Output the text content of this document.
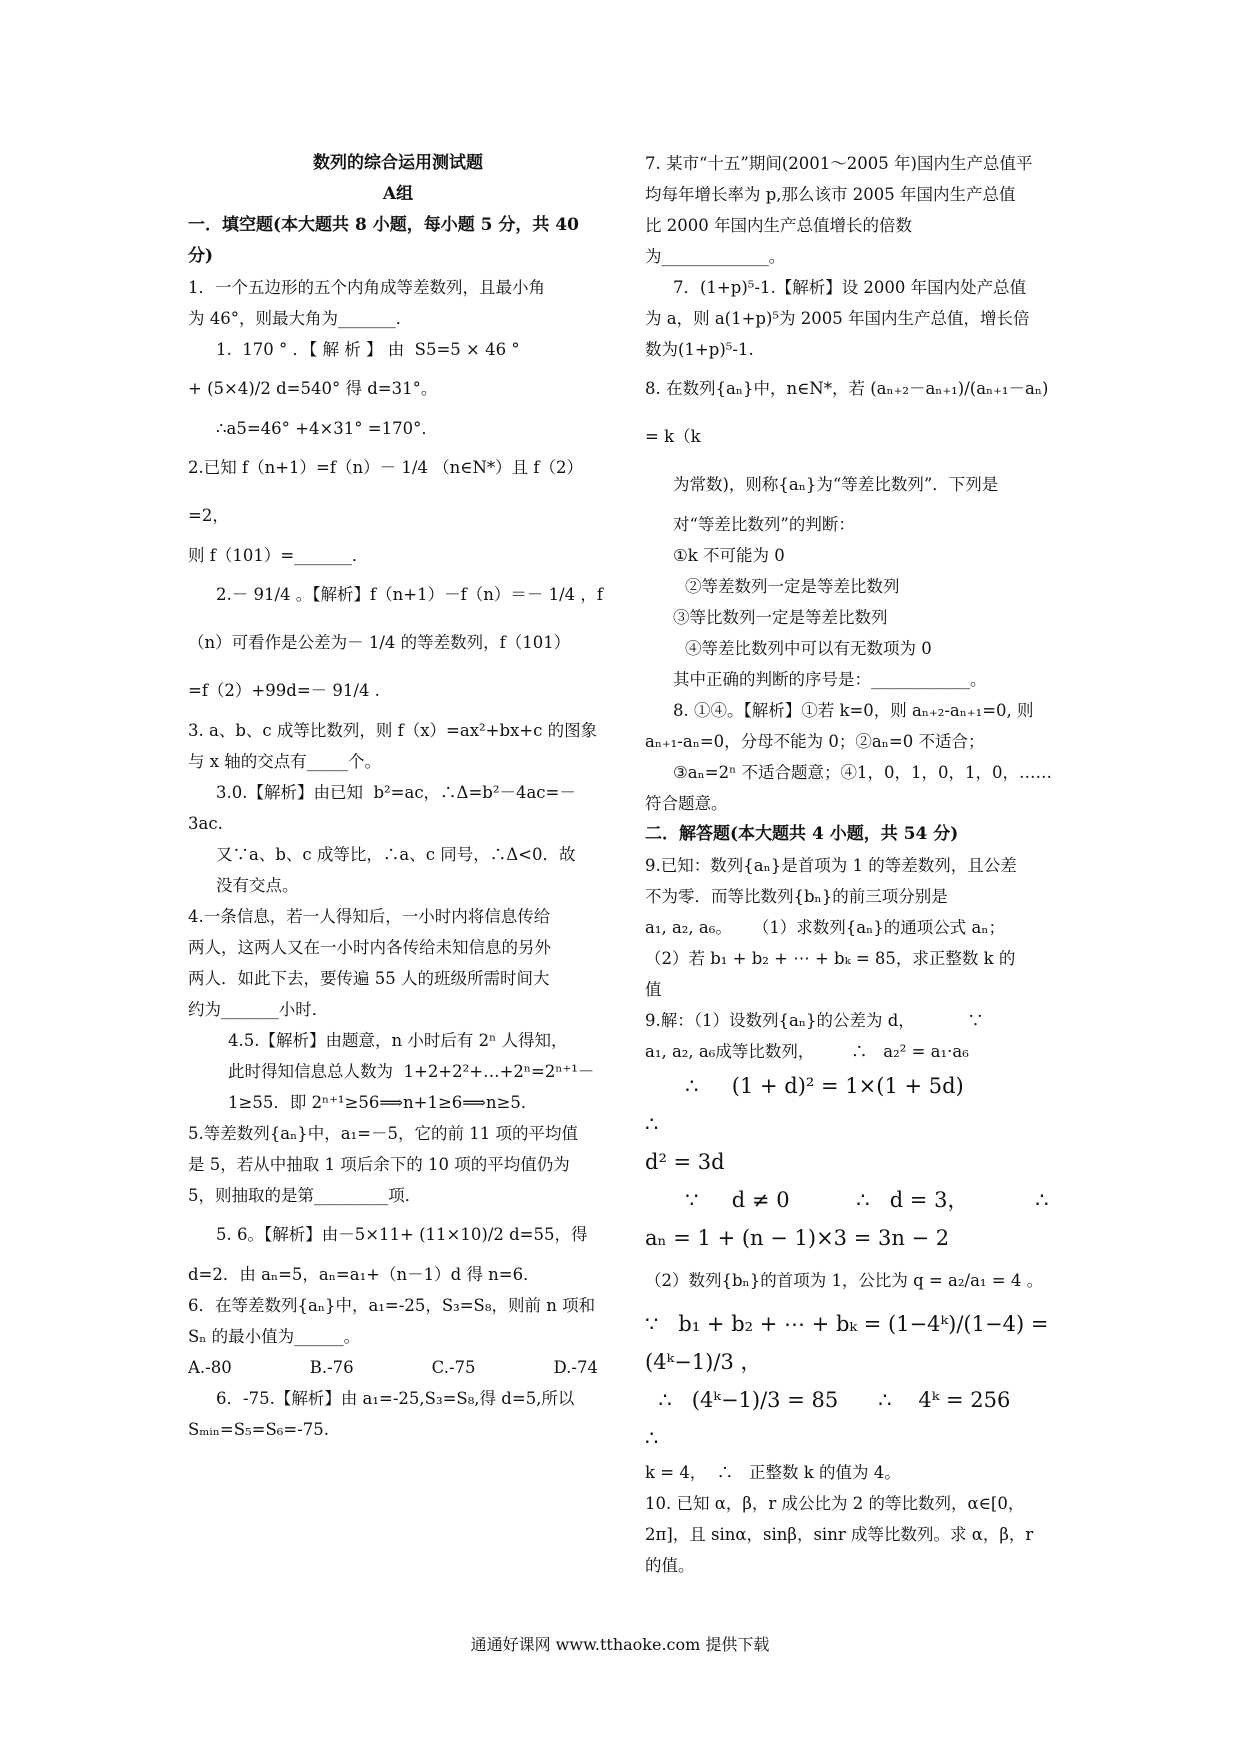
数列的综合运用测试题
A组
一．填空题(本大题共 8 小题，每小题 5 分，共 40
分)
1．一个五边形的五个内角成等差数列，且最小角
为 46°，则最大角为_______．
1.  170 ° ．【 解 析 】 由  S5=5 × 46 °
+ (5×4)/2 d=540° 得 d=31°。
∴a5=46° +4×31° =170°．
2.已知 f（n+1）=f（n）－ 1/4 （n∈N*）且 f（2）=2，
则 f（101）=_______．
2.－ 91/4 。【解析】f（n+1）－f（n）＝－ 1/4 ，f
（n）可看作是公差为－ 1/4 的等差数列，f（101）
=f（2）+99d=－ 91/4 .
3. a、b、c 成等比数列，则 f（x）=ax²+bx+c 的图象
与 x 轴的交点有_____个。
3.0.【解析】由已知  b²=ac，∴Δ=b²－4ac=－
3ac.
又∵a、b、c 成等比，∴a、c 同号，∴Δ<0．故
没有交点。
4.一条信息，若一人得知后，一小时内将信息传给
两人，这两人又在一小时内各传给未知信息的另外
两人．如此下去，要传遍 55 人的班级所需时间大
约为_______小时．
4.5.【解析】由题意，n 小时后有 2ⁿ 人得知，
此时得知信息总人数为  1+2+2²+…+2ⁿ=2ⁿ⁺¹－
1≥55．即 2ⁿ⁺¹≥56⟹n+1≥6⟹n≥5．
5.等差数列{aₙ}中，a₁=－5，它的前 11 项的平均值
是 5，若从中抽取 1 项后余下的 10 项的平均值仍为
5，则抽取的是第_________项．
5. 6。【解析】由－5×11+ (11×10)/2 d=55，得
d=2．由 aₙ=5，aₙ=a₁+（n－1）d 得 n=6．
6．在等差数列{aₙ}中，a₁=-25，S₃=S₈，则前 n 项和
Sₙ 的最小值为______。
A.-80	B.-76	C.-75	D.-74
6．-75.【解析】由 a₁=-25,S₃=S₈,得 d=5,所以
Sₘᵢₙ=S₅=S₆=-75.
7. 某市“十五”期间(2001～2005 年)国内生产总值平
均每年增长率为 p,那么该市 2005 年国内生产总值
比 2000 年国内生产总值增长的倍数
为_____________。
7．(1+p)⁵-1.【解析】设 2000 年国内处产总值
为 a，则 a(1+p)⁵为 2005 年国内生产总值，增长倍
数为(1+p)⁵-1.
8. 在数列{aₙ}中，n∈N*，若 (aₙ₊₂－aₙ₊₁)/(aₙ₊₁－aₙ) = k（k
为常数)，则称{aₙ}为“等差比数列”．下列是
对“等差比数列”的判断：
①k 不可能为 0
②等差数列一定是等差比数列
③等比数列一定是等差比数列
④等差比数列中可以有无数项为 0
其中正确的判断的序号是：____________。
8. ①④。【解析】①若 k=0，则 aₙ₊₂-aₙ₊₁=0, 则
aₙ₊₁-aₙ=0，分母不能为 0；②aₙ=0 不适合；
③aₙ=2ⁿ 不适合题意；④1，0，1，0，1，0，……
符合题意。
二．解答题(本大题共 4 小题，共 54 分)
9.已知：数列{aₙ}是首项为 1 的等差数列，且公差
不为零．而等比数列{bₙ}的前三项分别是
a₁, a₂, a₆。    （1）求数列{aₙ}的通项公式 aₙ；
（2）若 b₁ + b₂ + ⋯ + bₖ = 85，求正整数 k 的
值
9.解：（1）设数列{aₙ}的公差为 d，          ∵
a₁, a₂, a₆成等比数列，       ∴   a₂² = a₁·a₆
∴     (1 + d)² = 1×(1 + 5d)               ∴
d² = 3d
∵     d ≠ 0          ∴   d = 3，          ∴
aₙ = 1 + (n − 1)×3 = 3n − 2
（2）数列{bₙ}的首项为 1，公比为 q = a₂/a₁ = 4 。
∵   b₁ + b₂ + ⋯ + bₖ = (1−4ᵏ)/(1−4) = (4ᵏ−1)/3 ，
∴   (4ᵏ−1)/3 = 85      ∴    4ᵏ = 256            ∴
k = 4，  ∴   正整数 k 的值为 4。
10. 已知 α，β，r 成公比为 2 的等比数列，α∈[0，
2π]，且 sinα，sinβ，sinr 成等比数列。求 α，β，r
的值。
通通好课网 www.tthaoke.com 提供下载
